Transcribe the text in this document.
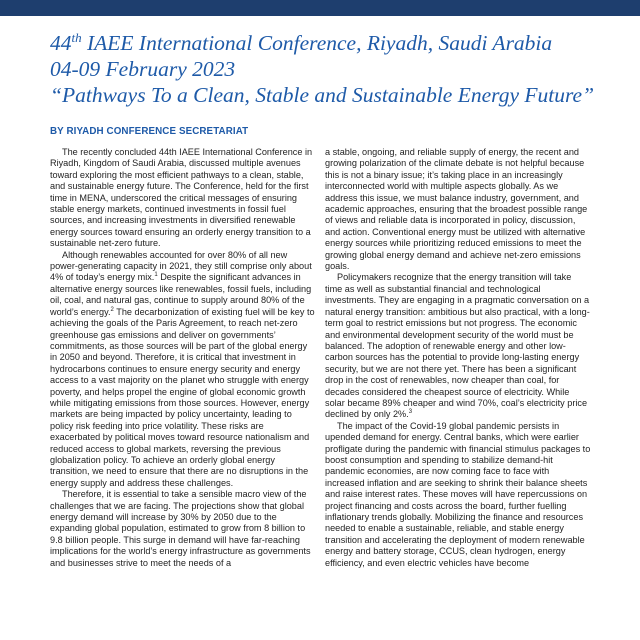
44th IAEE International Conference, Riyadh, Saudi Arabia
04-09 February 2023
“Pathways To a Clean, Stable and Sustainable Energy Future”
BY RIYADH CONFERENCE SECRETARIAT

The recently concluded 44th IAEE International Conference in Riyadh, Kingdom of Saudi Arabia, discussed multiple avenues toward exploring the most efficient pathways to a clean, stable, and sustainable energy future. The Conference, held for the first time in MENA, underscored the critical messages of ensuring stable energy markets, continued investments in fossil fuel sources, and increasing investments in diversified renewable energy sources toward ensuring an orderly energy transition to a sustainable net-zero future.

Although renewables accounted for over 80% of all new power-generating capacity in 2021, they still comprise only about 4% of today’s energy mix.$^1$ Despite the significant advances in alternative energy sources like renewables, fossil fuels, including oil, coal, and natural gas, continue to supply around 80% of the world’s energy.$^2$ The decarbonization of existing fuel will be key to achieving the goals of the Paris Agreement, to reach net-zero greenhouse gas emissions and deliver on governments’ commitments, as those sources will be part of the global energy in 2050 and beyond. Therefore, it is critical that investment in hydrocarbons continues to ensure energy security and energy access to a vast majority on the planet who struggle with energy poverty, and helps propel the engine of global economic growth while mitigating emissions from those sources. However, energy markets are being impacted by policy uncertainty, leading to policy risk feeding into price volatility. These risks are exacerbated by political moves toward resource nationalism and reduced access to global markets, reversing the previous globalization policy. To achieve an orderly global energy transition, we need to ensure that there are no disruptions in the energy supply and address these challenges.

Therefore, it is essential to take a sensible macro view of the challenges that we are facing. The projections show that global energy demand will increase by 30% by 2050 due to the expanding global population, estimated to grow from 8 billion to 9.8 billion people. This surge in demand will have far-reaching implications for the world’s energy infrastructure as governments and businesses strive to meet the needs of a

a stable, ongoing, and reliable supply of energy, the recent and growing polarization of the climate debate is not helpful because this is not a binary issue; it’s taking place in an increasingly interconnected world with multiple aspects globally. As we address this issue, we must balance industry, government, and academic approaches, ensuring that the broadest possible range of views and reliable data is incorporated in policy, discussion, and action. Conventional energy must be utilized with alternative energy sources while prioritizing reduced emissions to meet the growing global energy demand and achieve net-zero emissions goals.

Policymakers recognize that the energy transition will take time as well as substantial financial and technological investments. They are engaging in a pragmatic conversation on a natural energy transition: ambitious but also practical, with a long-term goal to restrict emissions but not progress. The economic and environmental development security of the world must be balanced. The adoption of renewable energy and other low-carbon sources has the potential to provide long-lasting energy security, but we are not there yet. There has been a significant drop in the cost of renewables, now cheaper than coal, for decades considered the cheapest source of electricity. While solar became 89% cheaper and wind 70%, coal’s electricity price declined by only 2%.$^3$

The impact of the Covid-19 global pandemic persists in upended demand for energy. Central banks, which were earlier profligate during the pandemic with financial stimulus packages to boost consumption and spending to stabilize demand-hit pandemic economies, are now coming face to face with increased inflation and are seeking to shrink their balance sheets and raise interest rates. These moves will have repercussions on project financing and costs across the board, further fuelling inflationary trends globally. Mobilizing the finance and resources needed to enable a sustainable, reliable, and stable energy transition and accelerating the deployment of modern renewable energy and battery storage, CCUS, clean hydrogen, energy efficiency, and even electric vehicles have become
